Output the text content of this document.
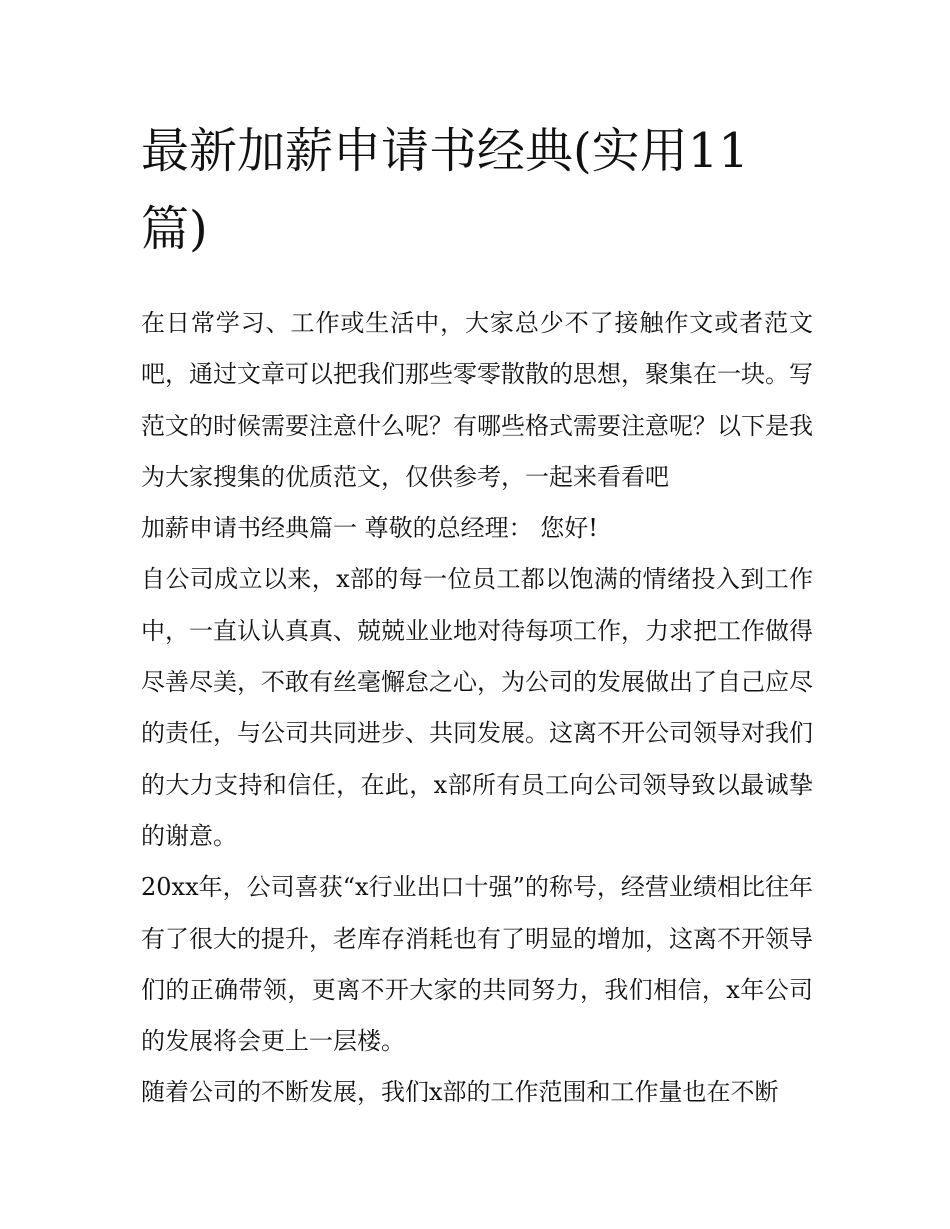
最新加薪申请书经典(实用11篇)

在日常学习、工作或生活中，大家总少不了接触作文或者范文吧，通过文章可以把我们那些零零散散的思想，聚集在一块。写范文的时候需要注意什么呢？有哪些格式需要注意呢？以下是我为大家搜集的优质范文，仅供参考，一起来看看吧

加薪申请书经典篇一 尊敬的总经理： 您好!

自公司成立以来，x部的每一位员工都以饱满的情绪投入到工作中，一直认认真真、兢兢业业地对待每项工作，力求把工作做得尽善尽美，不敢有丝毫懈怠之心，为公司的发展做出了自己应尽的责任，与公司共同进步、共同发展。这离不开公司领导对我们的大力支持和信任，在此，x部所有员工向公司领导致以最诚挚的谢意。

20xx年，公司喜获“x行业出口十强”的称号，经营业绩相比往年有了很大的提升，老库存消耗也有了明显的增加，这离不开领导们的正确带领，更离不开大家的共同努力，我们相信，x年公司的发展将会更上一层楼。

随着公司的不断发展，我们x部的工作范围和工作量也在不断
